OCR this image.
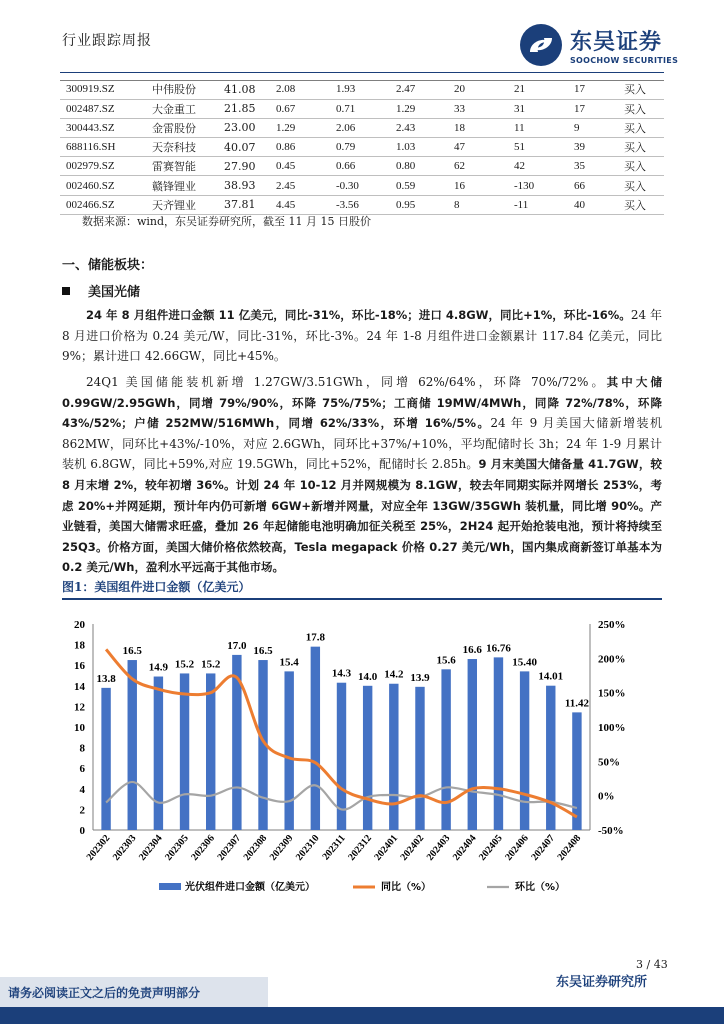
行业跟踪周报	东吴证券
SOOCHOW SECURITIES
300919.SZ	中伟股份	41.08	2.08	1.93	2.47	20	21	17	买入
002487.SZ	大金重工	21.85	0.67	0.71	1.29	33	31	17	买入
300443.SZ	金雷股份	23.00	1.29	2.06	2.43	18	11	9	买入
688116.SH	天奈科技	40.07	0.86	0.79	1.03	47	51	39	买入
002979.SZ	雷赛智能	27.90	0.45	0.66	0.80	62	42	35	买入
002460.SZ	赣锋锂业	38.93	2.45	-0.30	0.59	16	-130	66	买入
002466.SZ	天齐锂业	37.81	4.45	-3.56	0.95	8	-11	40	买入
数据来源：wind，东吴证券研究所，截至 11 月 15 日股价
一、储能板块：
美国光储
24 年 8 月组件进口金额 11 亿美元，同比-31%，环比-18%；进口 4.8GW，同比+1%，环比-16%。24 年 8 月进口价格为 0.24 美元/W，同比-31%，环比-3%。24 年 1-8 月组件进口金额累计 117.84 亿美元，同比 9%；累计进口 42.66GW，同比+45%。
24Q1 美国储能装机新增 1.27GW/3.51GWh，同增 62%/64%，环降 70%/72%。其中大储 0.99GW/2.95GWh，同增 79%/90%，环降 75%/75%；工商储 19MW/4MWh，同降 72%/78%，环降 43%/52%；户储 252MW/516MWh，同增 62%/33%，环增 16%/5%。24 年 9 月美国大储新增装机 862MW，同环比+43%/-10%，对应 2.6GWh，同环比+37%/+10%，平均配储时长 3h；24 年 1-9 月累计装机 6.8GW，同比+59%,对应 19.5GWh，同比+52%，配储时长 2.85h。9 月末美国大储备量 41.7GW，较 8 月末增 2%，较年初增 36%。计划 24 年 10-12 月并网规模为 8.1GW，较去年同期实际并网增长 253%，考虑 20%+并网延期，预计年内仍可新增 6GW+新增并网量，对应全年 13GW/35GWh 装机量，同比增 90%。产业链看，美国大储需求旺盛，叠加 26 年起储能电池明确加征关税至 25%，2H24 起开始抢装电池，预计将持续至 25Q3。价格方面，美国大储价格依然较高，Tesla megapack 价格 0.27 美元/Wh，国内集成商新签订单基本为 0.2 美元/Wh，盈利水平远高于其他市场。
图1：美国组件进口金额（亿美元）
0
2
4
6
8
10
12
14
16
18
20
-50%
0%
50%
100%
150%
200%
250%
13.8
16.5
14.9 15.2 15.2
17.0 16.5
15.4
17.8
14.3 14.0 14.2 13.9
15.6
16.6 16.76
15.40
14.01
11.42
202302
202303
202304
202305
202306
202307
202308
202309
202310
202311
202312
202401
202402
202403
202404
202405
202406
202407
202408
光伏组件进口金额（亿美元）	同比（%）	环比（%）
3 / 43
请务必阅读正文之后的免责声明部分
东吴证券研究所
